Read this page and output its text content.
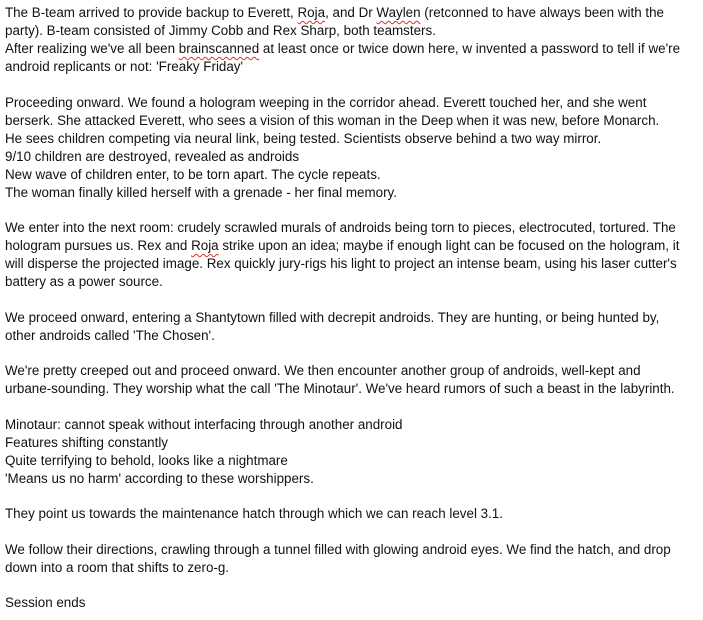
The B-team arrived to provide backup to Everett, Roja, and Dr Waylen (retconned to have always been with the
party). B-team consisted of Jimmy Cobb and Rex Sharp, both teamsters.
After realizing we've all been brainscanned at least once or twice down here, w invented a password to tell if we're
android replicants or not: 'Freaky Friday'
Proceeding onward. We found a hologram weeping in the corridor ahead. Everett touched her, and she went
berserk. She attacked Everett, who sees a vision of this woman in the Deep when it was new, before Monarch.
He sees children competing via neural link, being tested. Scientists observe behind a two way mirror.
9/10 children are destroyed, revealed as androids
New wave of children enter, to be torn apart. The cycle repeats.
The woman finally killed herself with a grenade - her final memory.
We enter into the next room: crudely scrawled murals of androids being torn to pieces, electrocuted, tortured. The
hologram pursues us. Rex and Roja strike upon an idea; maybe if enough light can be focused on the hologram, it
will disperse the projected image. Rex quickly jury-rigs his light to project an intense beam, using his laser cutter's
battery as a power source.
We proceed onward, entering a Shantytown filled with decrepit androids. They are hunting, or being hunted by,
other androids called 'The Chosen'.
We're pretty creeped out and proceed onward. We then encounter another group of androids, well-kept and
urbane-sounding. They worship what the call 'The Minotaur'. We've heard rumors of such a beast in the labyrinth.
Minotaur: cannot speak without interfacing through another android
Features shifting constantly
Quite terrifying to behold, looks like a nightmare
'Means us no harm' according to these worshippers.
They point us towards the maintenance hatch through which we can reach level 3.1.
We follow their directions, crawling through a tunnel filled with glowing android eyes. We find the hatch, and drop
down into a room that shifts to zero-g.
Session ends
